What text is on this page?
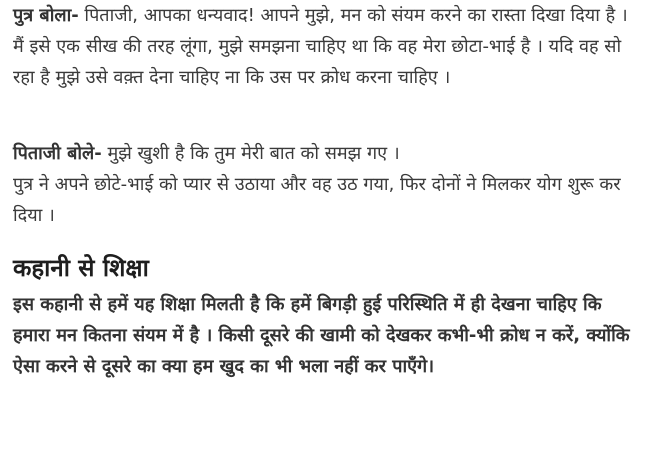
पुत्र बोला- पिताजी, आपका धन्यवाद! आपने मुझे, मन को संयम करने का रास्ता दिखा दिया है । मैं इसे एक सीख की तरह लूंगा, मुझे समझना चाहिए था कि वह मेरा छोटा-भाई है । यदि वह सो रहा है मुझे उसे वक़्त देना चाहिए ना कि उस पर क्रोध करना चाहिए ।

पिताजी बोले- मुझे खुशी है कि तुम मेरी बात को समझ गए ।

पुत्र ने अपने छोटे-भाई को प्यार से उठाया और वह उठ गया, फिर दोनों ने मिलकर योग शुरू कर दिया ।

कहानी से शिक्षा

इस कहानी से हमें यह शिक्षा मिलती है कि हमें बिगड़ी हुई परिस्थिति में ही देखना चाहिए कि हमारा मन कितना संयम में है । किसी दूसरे की खामी को देखकर कभी-भी क्रोध न करें, क्योंकि ऐसा करने से दूसरे का क्या हम खुद का भी भला नहीं कर पाएँगे।
